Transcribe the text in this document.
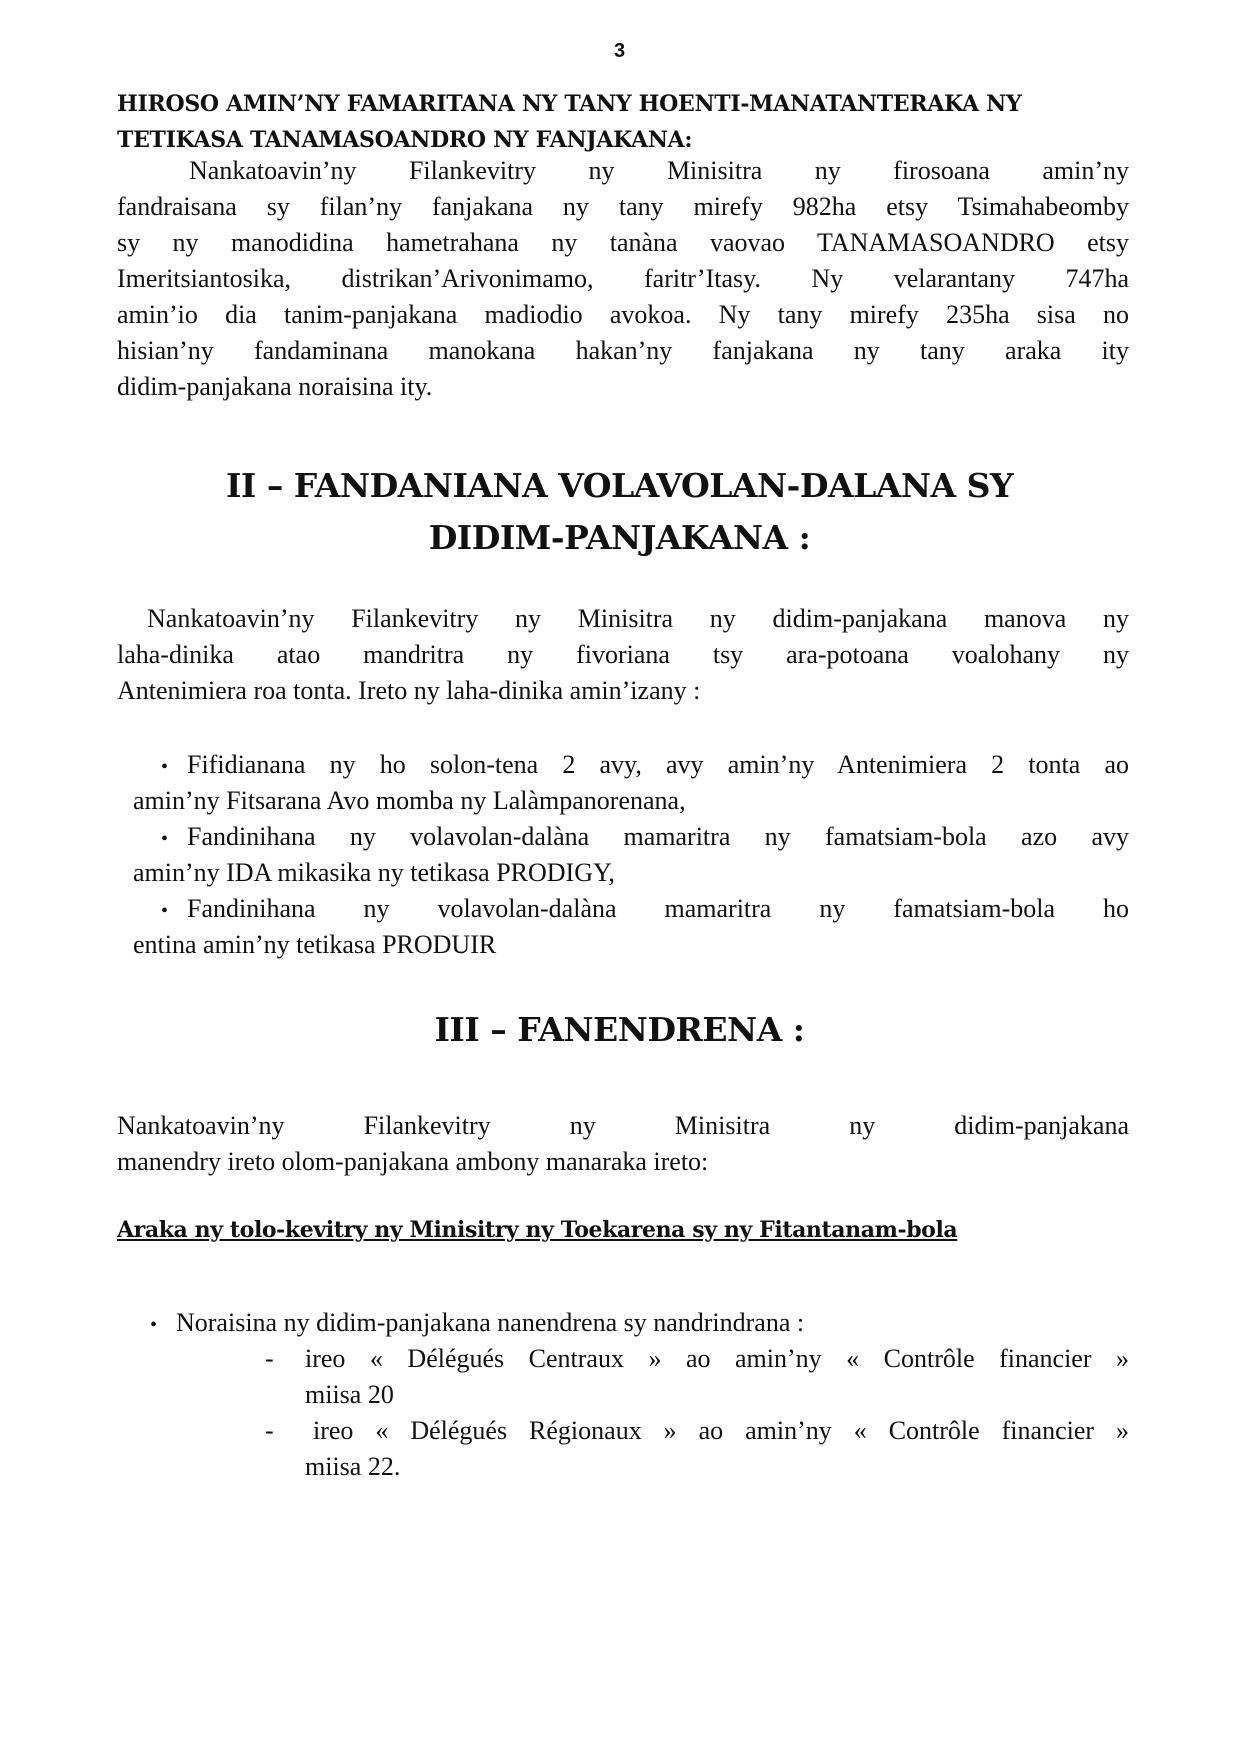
3
HIROSO AMIN’NY FAMARITANA NY TANY HOENTI-MANATANTERAKA NY
TETIKASA TANAMASOANDRO NY FANJAKANA:
Nankatoavin’ny Filankevitry ny Minisitra ny firosoana amin’ny
fandraisana sy filan’ny fanjakana ny tany mirefy 982ha etsy Tsimahabeomby
sy ny manodidina hametrahana ny tanàna vaovao TANAMASOANDRO etsy
Imeritsiantosika, distrikan’Arivonimamo, faritr’Itasy. Ny velarantany 747ha
amin’io dia tanim-panjakana madiodio avokoa. Ny tany mirefy 235ha sisa no
hisian’ny fandaminana manokana hakan’ny fanjakana ny tany araka ity
didim-panjakana noraisina ity.
II – FANDANIANA VOLAVOLAN-DALANA SY
DIDIM-PANJAKANA :
Nankatoavin’ny Filankevitry ny Minisitra ny didim-panjakana manova ny
laha-dinika atao mandritra ny fivoriana tsy ara-potoana voalohany ny
Antenimiera roa tonta. Ireto ny laha-dinika amin’izany :
• Fifidianana ny ho solon-tena 2 avy, avy amin’ny Antenimiera 2 tonta ao
amin’ny Fitsarana Avo momba ny Lalàmpanorenana,
• Fandinihana ny volavolan-dalàna mamaritra ny famatsiam-bola azo avy
amin’ny IDA mikasika ny tetikasa PRODIGY,
• Fandinihana ny volavolan-dalàna mamaritra ny famatsiam-bola ho
entina amin’ny tetikasa PRODUIR
III – FANENDRENA :
Nankatoavin’ny Filankevitry ny Minisitra ny didim-panjakana
manendry ireto olom-panjakana ambony manaraka ireto:
Araka ny tolo-kevitry ny Minisitry ny Toekarena sy ny Fitantanam-bola
• Noraisina ny didim-panjakana nanendrena sy nandrindrana :
- ireo « Délégués Centraux » ao amin’ny « Contrôle financier »
miisa 20
-	ireo « Délégués Régionaux » ao amin’ny « Contrôle financier »
miisa 22.
